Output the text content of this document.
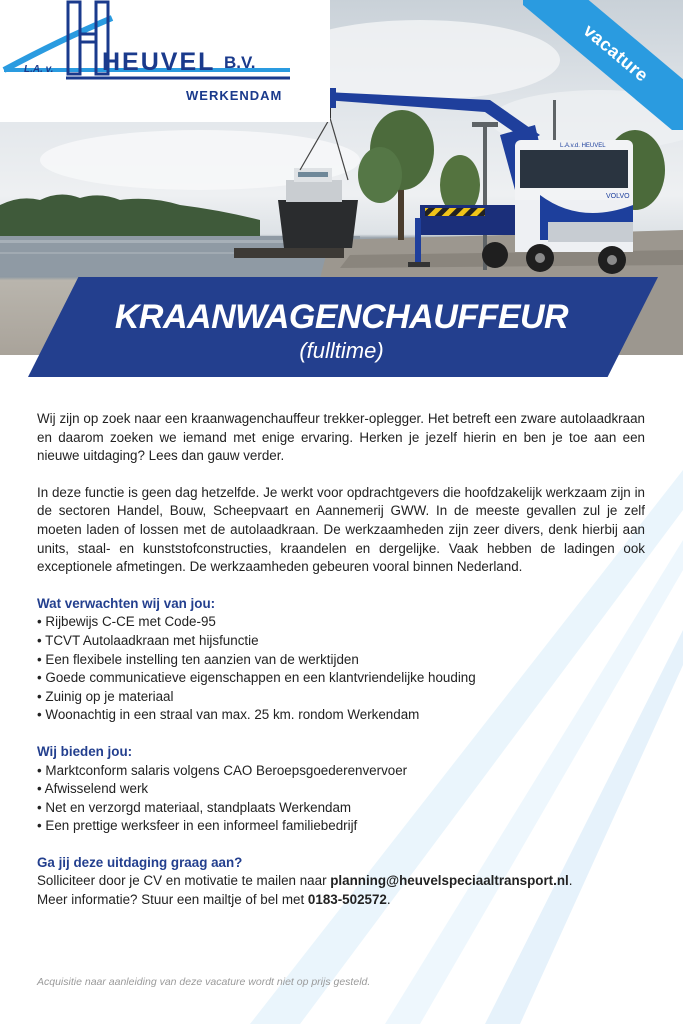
VOLVO
L.A.v.d. HEUVEL
L.A. v. HEUVEL B.V.
WERKENDAM
vacature
KRAANWAGENCHAUFFEUR
(fulltime)

Wij zijn op zoek naar een kraanwagenchauffeur trekker-oplegger. Het betreft een zware autolaadkraan en daarom zoeken we iemand met enige ervaring. Herken je jezelf hierin en ben je toe aan een nieuwe uitdaging? Lees dan gauw verder.

In deze functie is geen dag hetzelfde. Je werkt voor opdrachtgevers die hoofdzakelijk werkzaam zijn in de sectoren Handel, Bouw, Scheepvaart en Aannemerij GWW. In de meeste gevallen zul je zelf moeten laden of lossen met de autolaadkraan. De werkzaamheden zijn zeer divers, denk hierbij aan units, staal- en kunststofconstructies, kraandelen en dergelijke. Vaak hebben de ladingen ook exceptionele afmetingen. De werkzaamheden gebeuren vooral binnen Nederland.

Wat verwachten wij van jou:
• Rijbewijs C-CE met Code-95
• TCVT Autolaadkraan met hijsfunctie
• Een flexibele instelling ten aanzien van de werktijden
• Goede communicatieve eigenschappen en een klantvriendelijke houding
• Zuinig op je materiaal
• Woonachtig in een straal van max. 25 km. rondom Werkendam
Wij bieden jou:
• Marktconform salaris volgens CAO Beroepsgoederenvervoer
• Afwisselend werk
• Net en verzorgd materiaal, standplaats Werkendam
• Een prettige werksfeer in een informeel familiebedrijf
Ga jij deze uitdaging graag aan?
Solliciteer door je CV en motivatie te mailen naar planning@heuvelspeciaaltransport.nl.
Meer informatie? Stuur een mailtje of bel met 0183-502572.
Acquisitie naar aanleiding van deze vacature wordt niet op prijs gesteld.
